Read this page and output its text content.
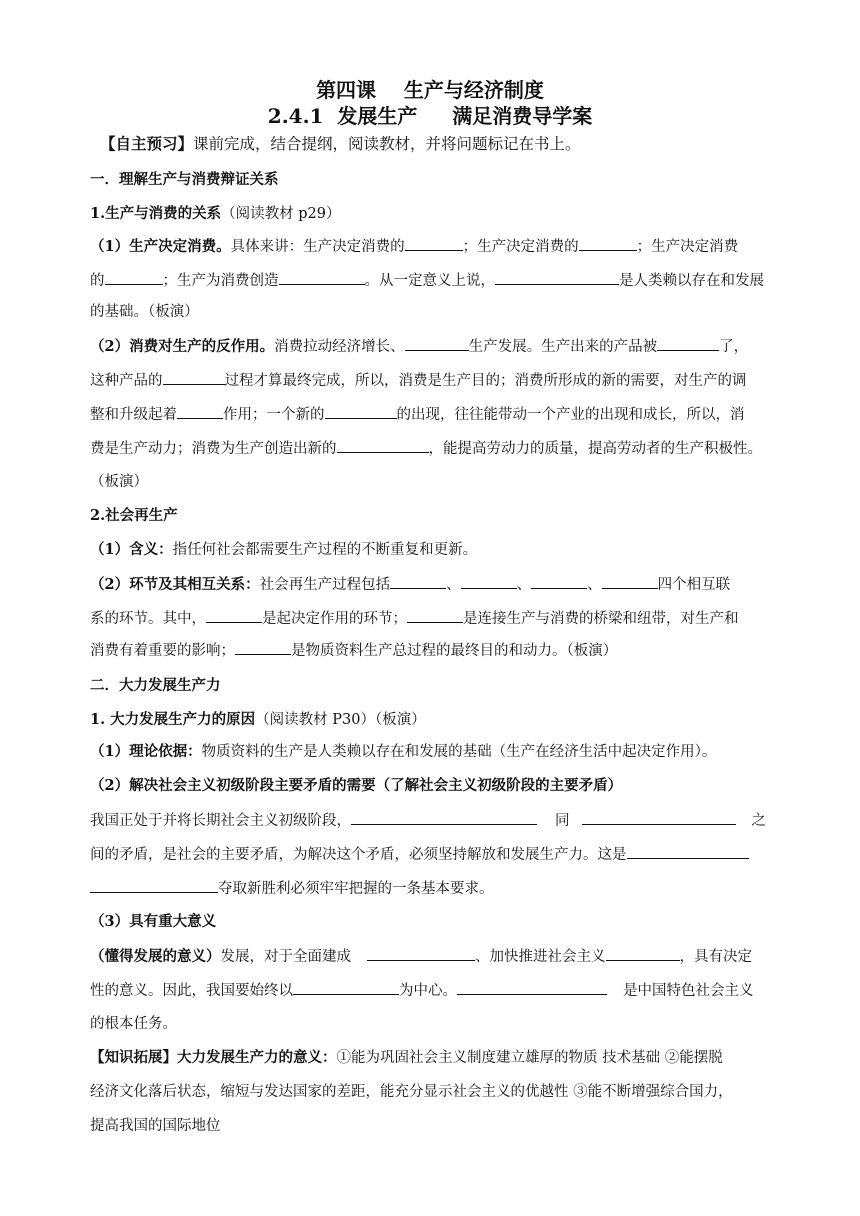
第四课    生产与经济制度
2.4.1  发展生产     满足消费导学案
【自主预习】课前完成，结合提纲，阅读教材，并将问题标记在书上。
一．理解生产与消费辩证关系
1.生产与消费的关系（阅读教材 p29）
（1）生产决定消费。具体来讲：生产决定消费的	；生产决定消费的	；生产决定消费
的	；生产为消费创造	。从一定意义上说，	是人类赖以存在和发展
的基础。（板演）
（2）消费对生产的反作用。消费拉动经济增长、	生产发展。生产出来的产品被	了，
这种产品的	过程才算最终完成，所以，消费是生产目的；消费所形成的新的需要，对生产的调
整和升级起着	作用；一个新的	的出现，往往能带动一个产业的出现和成长，所以，消
费是生产动力；消费为生产创造出新的	，能提高劳动力的质量，提高劳动者的生产积极性。
（板演）
2.社会再生产
（1）含义：指任何社会都需要生产过程的不断重复和更新。
（2）环节及其相互关系：社会再生产过程包括	、	、	、	四个相互联
系的环节。其中，	是起决定作用的环节；	是连接生产与消费的桥梁和纽带，对生产和
消费有着重要的影响；	是物质资料生产总过程的最终目的和动力。（板演）
二．大力发展生产力
1. 大力发展生产力的原因（阅读教材 P30）（板演）
（1）理论依据：物质资料的生产是人类赖以存在和发展的基础（生产在经济生活中起决定作用）。
（2）解决社会主义初级阶段主要矛盾的需要（了解社会主义初级阶段的主要矛盾）
我国正处于并将长期社会主义初级阶段，	同	之
间的矛盾，是社会的主要矛盾，为解决这个矛盾，必须坚持解放和发展生产力。这是
夺取新胜利必须牢牢把握的一条基本要求。
（3）具有重大意义
（懂得发展的意义）发展，对于全面建成	、加快推进社会主义	，具有决定
性的意义。因此，我国要始终以	为中心。	是中国特色社会主义
的根本任务。
【知识拓展】大力发展生产力的意义：①能为巩固社会主义制度建立雄厚的物质 技术基础 ②能摆脱
经济文化落后状态，缩短与发达国家的差距，能充分显示社会主义的优越性 ③能不断增强综合国力，
提高我国的国际地位
